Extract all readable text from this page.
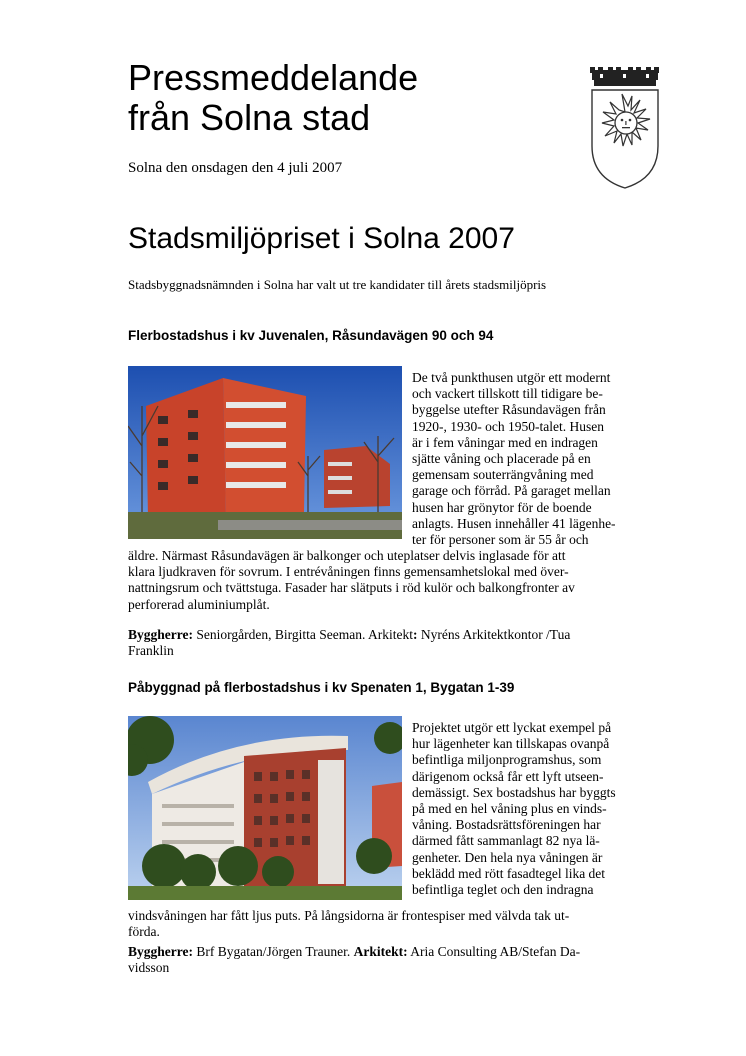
Pressmeddelande
från Solna stad
Solna den onsdagen den 4 juli 2007
Stadsmiljöpriset i Solna 2007
Stadsbyggnadsnämnden i Solna har valt ut tre kandidater till årets stadsmiljöpris
Flerbostadshus i kv Juvenalen, Råsundavägen 90 och 94
De två punkthusen utgör ett modernt
och vackert tillskott till tidigare be-
byggelse utefter Råsundavägen från
1920-, 1930- och 1950-talet. Husen
är i fem våningar med en indragen
sjätte våning och placerade på en
gemensam souterrängvåning med
garage och förråd. På garaget mellan
husen har grönytor för de boende
anlagts. Husen innehåller 41 lägenhe-
ter för personer som är 55 år och
äldre. Närmast Råsundavägen är balkonger och uteplatser delvis inglasade för att
klara ljudkraven för sovrum. I entrévåningen finns gemensamhetslokal med över-
nattningsrum och tvättstuga. Fasader har slätputs i röd kulör och balkongfronter av
perforerad aluminiumplåt.
Byggherre: Seniorgården, Birgitta Seeman. Arkitekt: Nyréns Arkitektkontor /Tua
Franklin
Påbyggnad på flerbostadshus i kv Spenaten 1, Bygatan 1-39
Projektet utgör ett lyckat exempel på
hur lägenheter kan tillskapas ovanpå
befintliga miljonprogramshus, som
därigenom också får ett lyft utseen-
demässigt. Sex bostadshus har byggts
på med en hel våning plus en vinds-
våning. Bostadsrättsföreningen har
därmed fått sammanlagt 82 nya lä-
genheter. Den hela nya våningen är
beklädd med rött fasadtegel lika det
befintliga teglet och den indragna
vindsvåningen har fått ljus puts. På långsidorna är frontespiser med välvda tak ut-
förda.
Byggherre: Brf Bygatan/Jörgen Trauner. Arkitekt: Aria Consulting AB/Stefan Da-
vidsson
